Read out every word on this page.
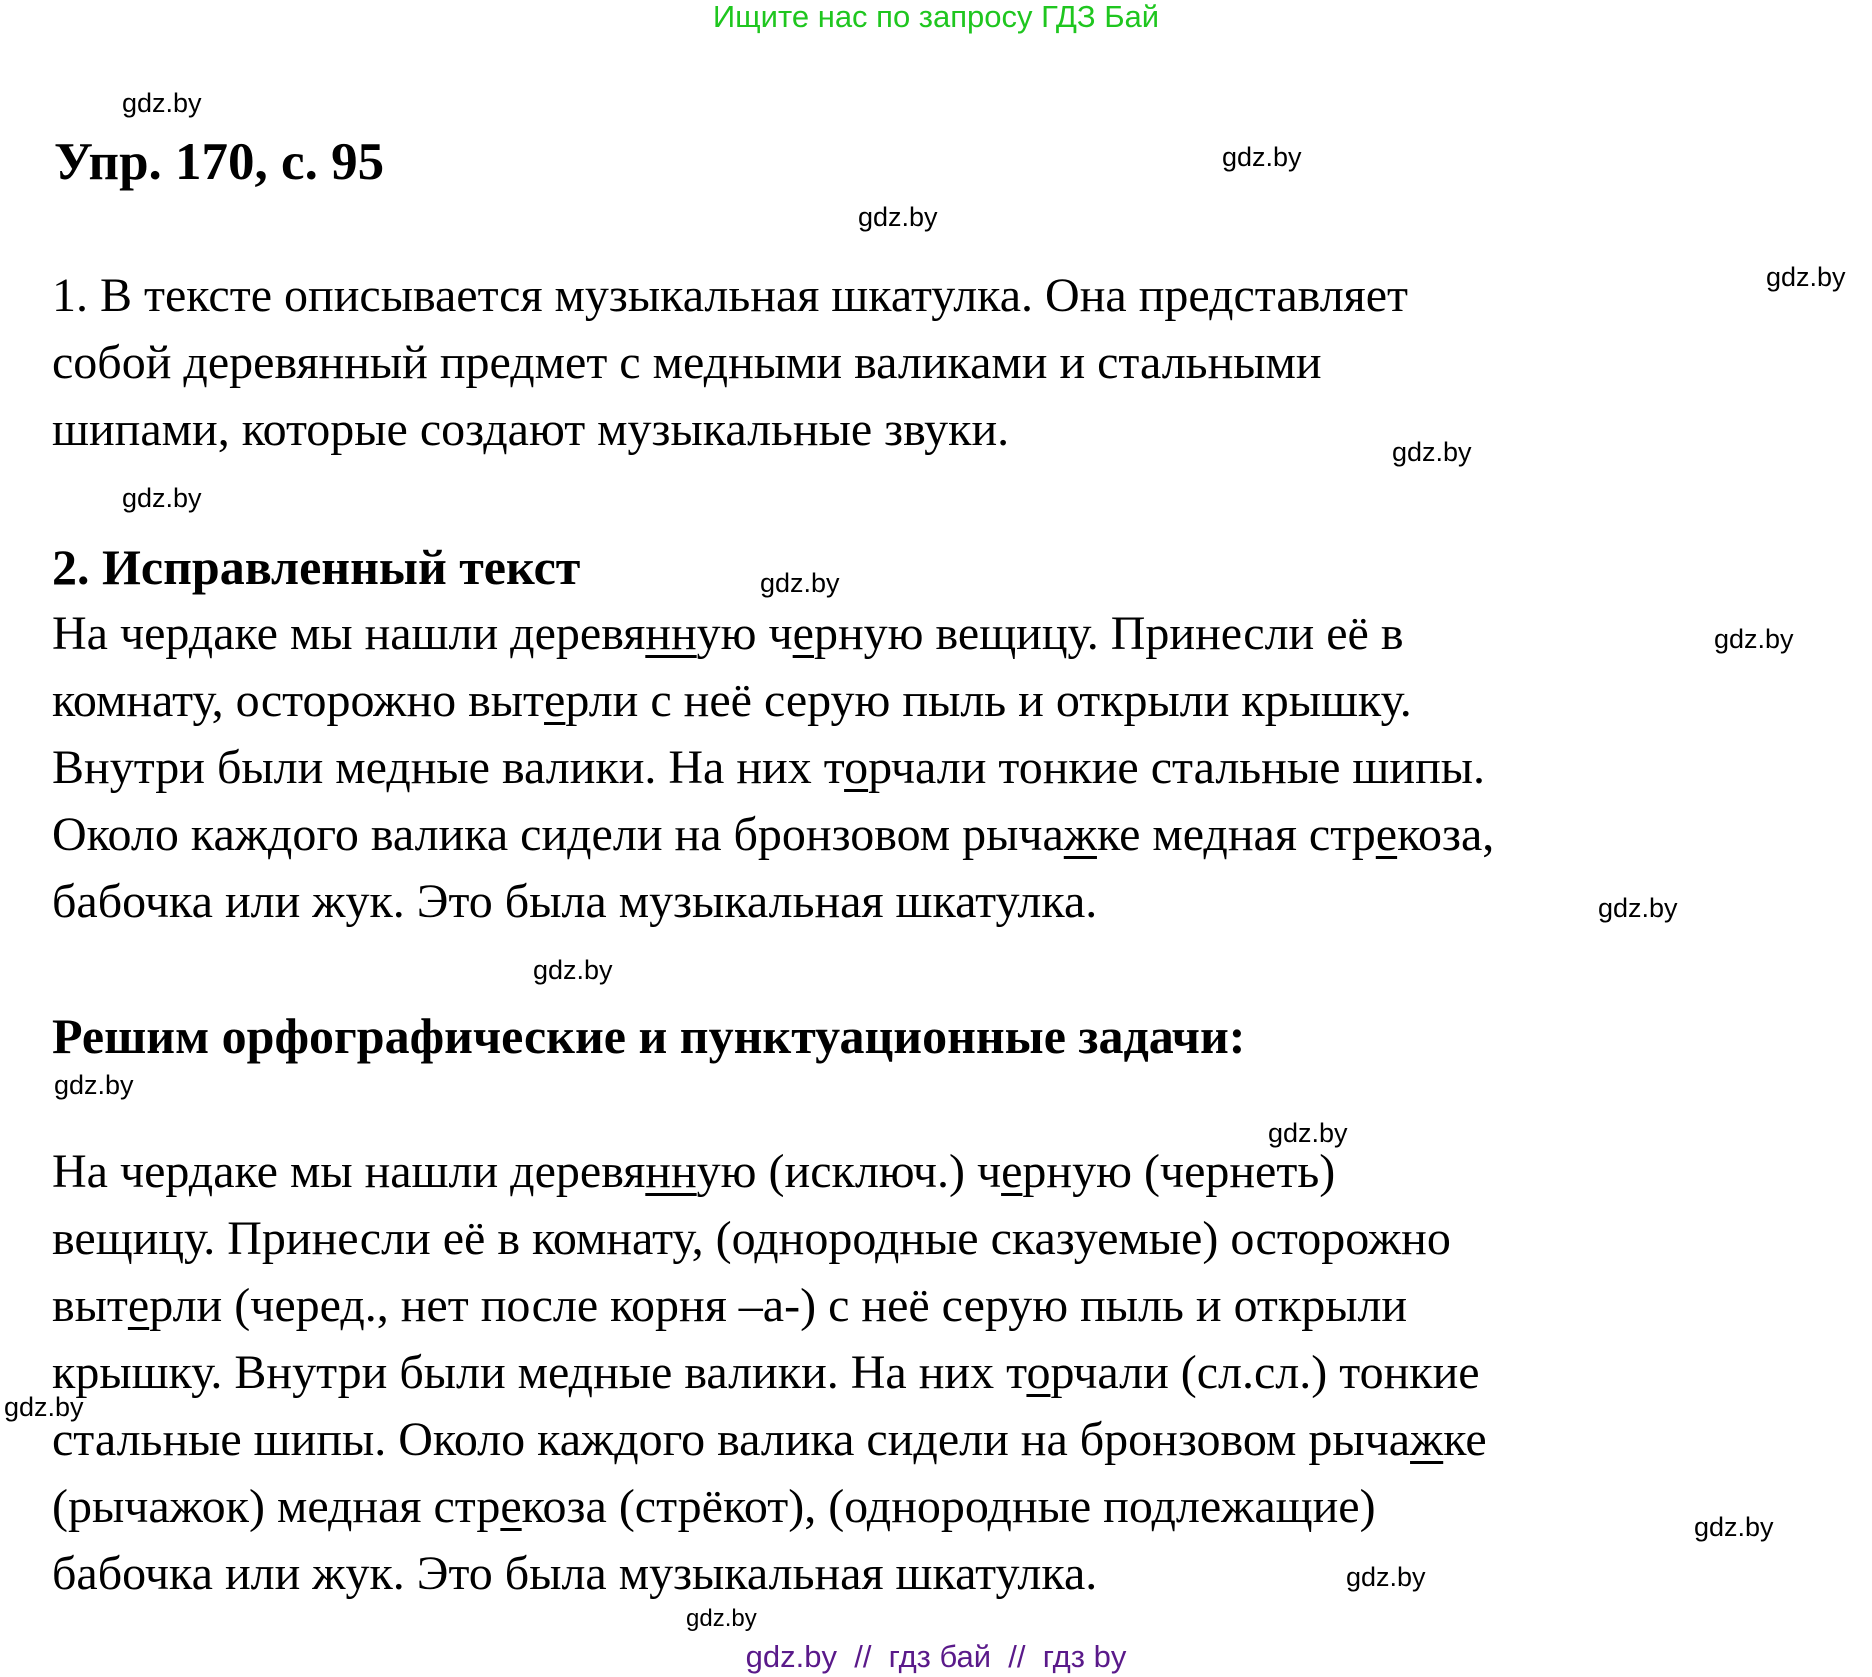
Ищите нас по запросу ГДЗ Бай
gdz.by
Упр. 170, с. 95	gdz.by
gdz.by
gdz.by
1. В тексте описывается музыкальная шкатулка. Она представляет
собой деревянный предмет с медными валиками и стальными
шипами, которые создают музыкальные звуки.	gdz.by
gdz.by
2. Исправленный текст	gdz.by
На чердаке мы нашли деревянную черную вещицу. Принесли её в
комнату, осторожно вытерли с неё серую пыль и открыли крышку.
Внутри были медные валики. На них торчали тонкие стальные шипы.
Около каждого валика сидели на бронзовом рычажке медная стрекоза,
бабочка или жук. Это была музыкальная шкатулка.
gdz.by
gdz.by
gdz.by
Решим орфографические и пунктуационные задачи:
gdz.by
gdz.by
На чердаке мы нашли деревянную (исключ.) черную (чернеть)
вещицу. Принесли её в комнату, (однородные сказуемые) осторожно
вытерли (черед., нет после корня –а-) с неё серую пыль и открыли
крышку. Внутри были медные валики. На них торчали (сл.сл.) тонкие
стальные шипы. Около каждого валика сидели на бронзовом рычажке
(рычажок) медная стрекоза (стрёкот), (однородные подлежащие)
бабочка или жук. Это была музыкальная шкатулка.
gdz.by
gdz.by
gdz.by
gdz.by
gdz.by  //  гдз бай  //  гдз by
